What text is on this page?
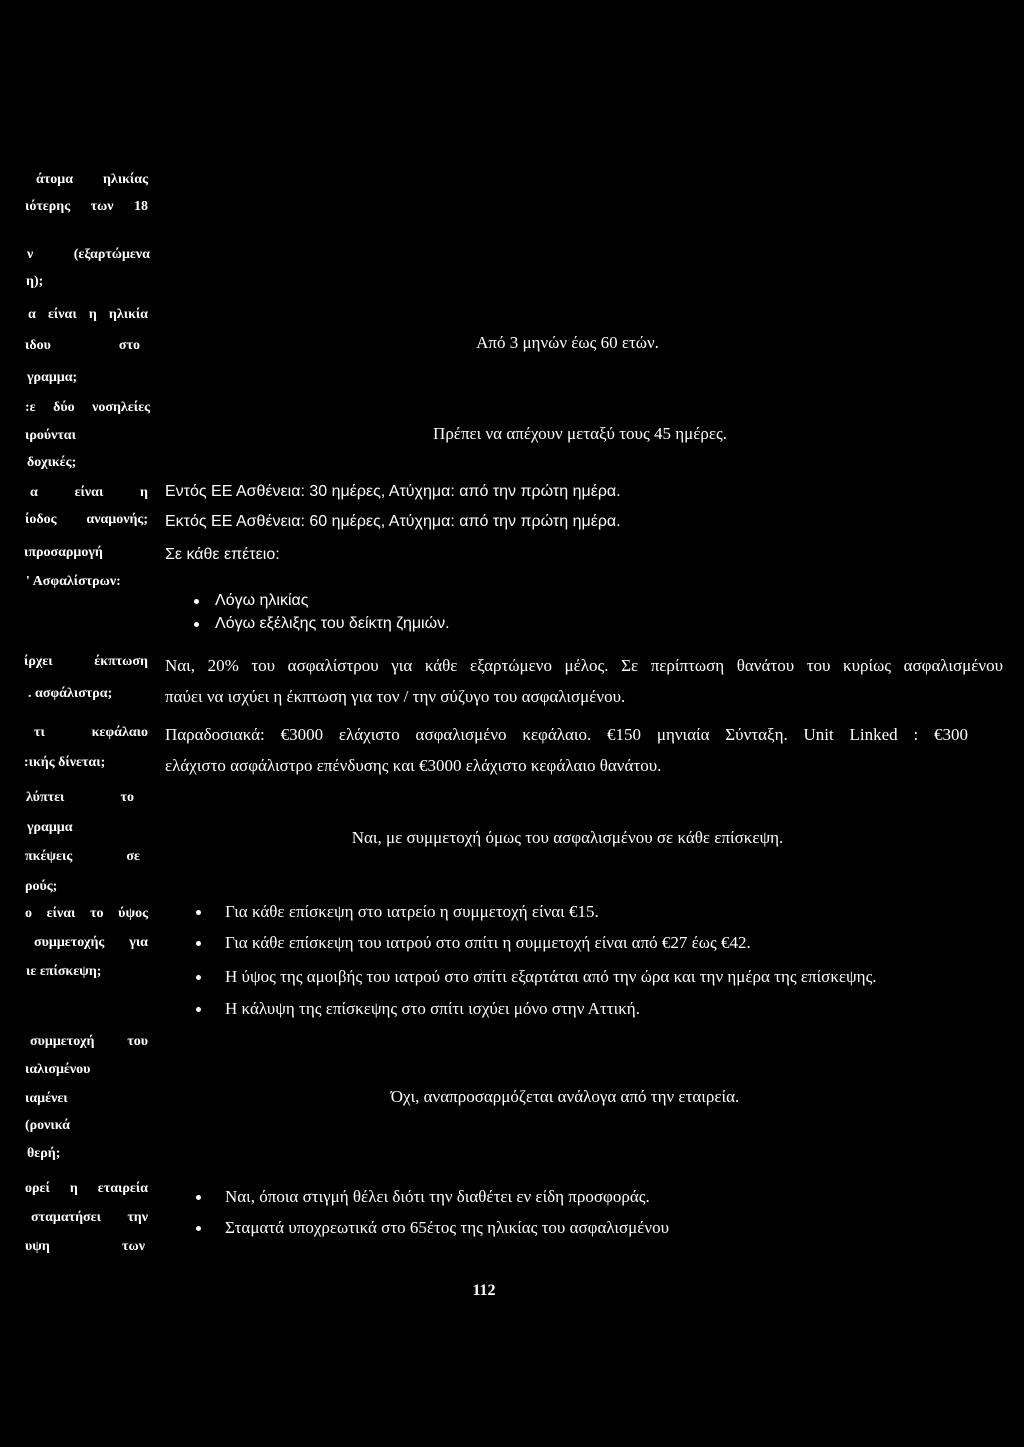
άτομα ηλικίας
ιότερης των 18
ν (εξαρτώμενα
η);
α είναι η ηλικία
ιδου στο
γραμμα;
:ε δύο νοσηλείες
ιρούνται
δοχικές;
α είναι η
ίοδος αναμονής;
ιπροσαρμογή
' Ασφαλίστρων:
ίρχει έκπτωση
. ασφάλιστρα;
τι κεφάλαιο
:ικής δίνεται;
λύπτει το
γραμμα
πκέψεις σε
ρούς;
ο είναι το ύψος
συμμετοχής για
ιε επίσκεψη;
συμμετοχή του
ιαλισμένου
ιαμένει
(ρονικά
θερή;
ορεί η εταιρεία
σταματήσει την
υψη των
Από 3 μηνών έως 60 ετών.
Πρέπει να απέχουν μεταξύ τους 45 ημέρες.
Εντός ΕΕ Ασθένεια: 30 ημέρες, Ατύχημα: από την πρώτη ημέρα.
Εκτός ΕΕ Ασθένεια: 60 ημέρες, Ατύχημα: από την πρώτη ημέρα.
Σε κάθε επέτειο:
Λόγω ηλικίας
Λόγω εξέλιξης του δείκτη ζημιών.
Ναι, 20% του ασφαλίστρου για κάθε εξαρτώμενο μέλος. Σε περίπτωση θανάτου του κυρίως ασφαλισμένου
παύει να ισχύει η έκπτωση για τον / την σύζυγο του ασφαλισμένου.
Παραδοσιακά: €3000 ελάχιστο ασφαλισμένο κεφάλαιο. €150 μηνιαία Σύνταξη. Unit Linked : €300
ελάχιστο ασφάλιστρο επένδυσης και €3000 ελάχιστο κεφάλαιο θανάτου.
Ναι, με συμμετοχή όμως του ασφαλισμένου σε κάθε επίσκεψη.
Για κάθε επίσκεψη στο ιατρείο η συμμετοχή είναι €15.
Για κάθε επίσκεψη του ιατρού στο σπίτι η συμμετοχή είναι από €27 έως €42.
Η ύψος της αμοιβής του ιατρού στο σπίτι εξαρτάται από την ώρα και την ημέρα της επίσκεψης.
Η κάλυψη της επίσκεψης στο σπίτι ισχύει μόνο στην Αττική.
Όχι, αναπροσαρμόζεται ανάλογα από την εταιρεία.
Ναι, όποια στιγμή θέλει διότι την διαθέτει εν είδη προσφοράς.
Σταματά υποχρεωτικά στο 65έτος της ηλικίας του ασφαλισμένου
112
